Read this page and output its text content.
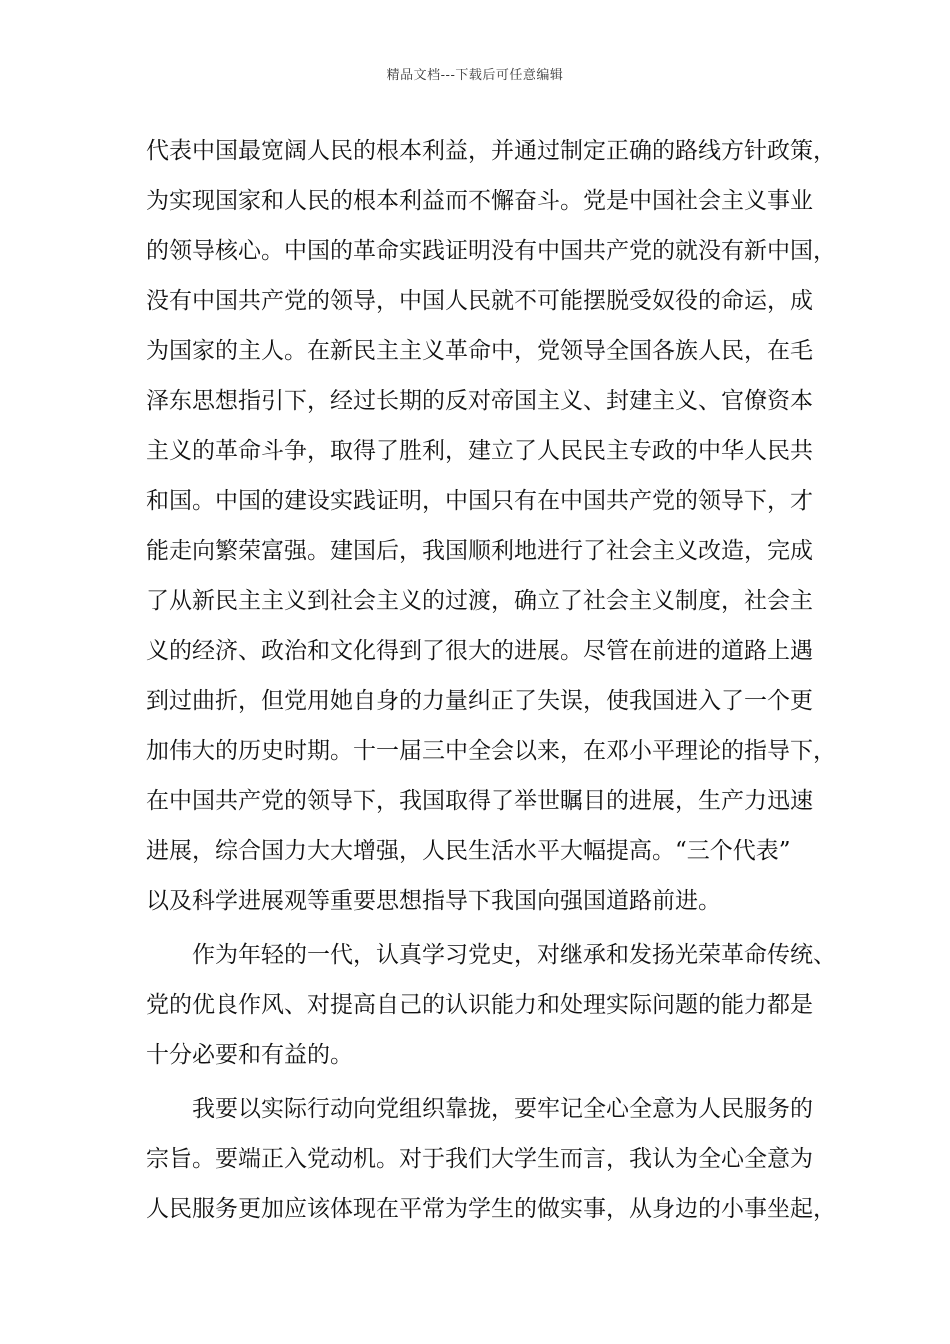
精品文档---下载后可任意编辑
代表中国最宽阔人民的根本利益，并通过制定正确的路线方针政策，
为实现国家和人民的根本利益而不懈奋斗。党是中国社会主义事业
的领导核心。中国的革命实践证明没有中国共产党的就没有新中国，
没有中国共产党的领导，中国人民就不可能摆脱受奴役的命运，成
为国家的主人。在新民主主义革命中，党领导全国各族人民，在毛
泽东思想指引下，经过长期的反对帝国主义、封建主义、官僚资本
主义的革命斗争，取得了胜利，建立了人民民主专政的中华人民共
和国。中国的建设实践证明，中国只有在中国共产党的领导下，才
能走向繁荣富强。建国后，我国顺利地进行了社会主义改造，完成
了从新民主主义到社会主义的过渡，确立了社会主义制度，社会主
义的经济、政治和文化得到了很大的进展。尽管在前进的道路上遇
到过曲折，但党用她自身的力量纠正了失误，使我国进入了一个更
加伟大的历史时期。十一届三中全会以来，在邓小平理论的指导下，
在中国共产党的领导下，我国取得了举世瞩目的进展，生产力迅速
进展，综合国力大大增强，人民生活水平大幅提高。“三个代表”
以及科学进展观等重要思想指导下我国向强国道路前进。
作为年轻的一代，认真学习党史，对继承和发扬光荣革命传统、
党的优良作风、对提高自己的认识能力和处理实际问题的能力都是
十分必要和有益的。
我要以实际行动向党组织靠拢，要牢记全心全意为人民服务的
宗旨。要端正入党动机。对于我们大学生而言，我认为全心全意为
人民服务更加应该体现在平常为学生的做实事，从身边的小事坐起，
